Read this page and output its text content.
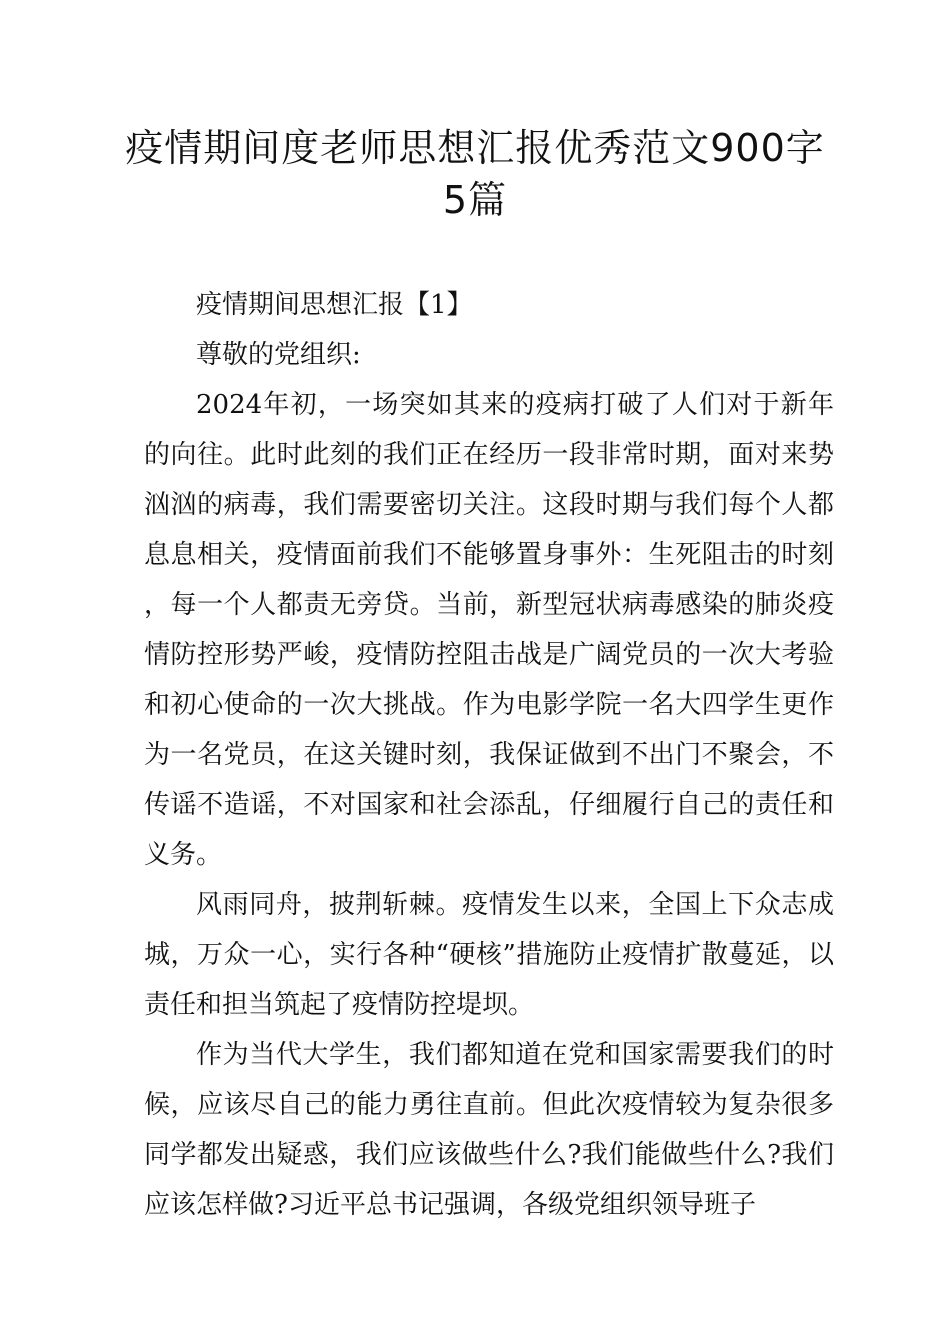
疫情期间度老师思想汇报优秀范文900字5篇

疫情期间思想汇报【1】

尊敬的党组织:

2024年初，一场突如其来的疫病打破了人们对于新年的向往。此时此刻的我们正在经历一段非常时期，面对来势汹汹的病毒，我们需要密切关注。这段时期与我们每个人都息息相关，疫情面前我们不能够置身事外：生死阻击的时刻，每一个人都责无旁贷。当前，新型冠状病毒感染的肺炎疫情防控形势严峻，疫情防控阻击战是广阔党员的一次大考验和初心使命的一次大挑战。作为电影学院一名大四学生更作为一名党员，在这关键时刻，我保证做到不出门不聚会，不传谣不造谣，不对国家和社会添乱，仔细履行自己的责任和义务。

风雨同舟，披荆斩棘。疫情发生以来，全国上下众志成城，万众一心，实行各种“硬核”措施防止疫情扩散蔓延，以责任和担当筑起了疫情防控堤坝。

作为当代大学生，我们都知道在党和国家需要我们的时候，应该尽自己的能力勇往直前。但此次疫情较为复杂很多同学都发出疑惑，我们应该做些什么?我们能做些什么?我们应该怎样做?习近平总书记强调，各级党组织领导班子
